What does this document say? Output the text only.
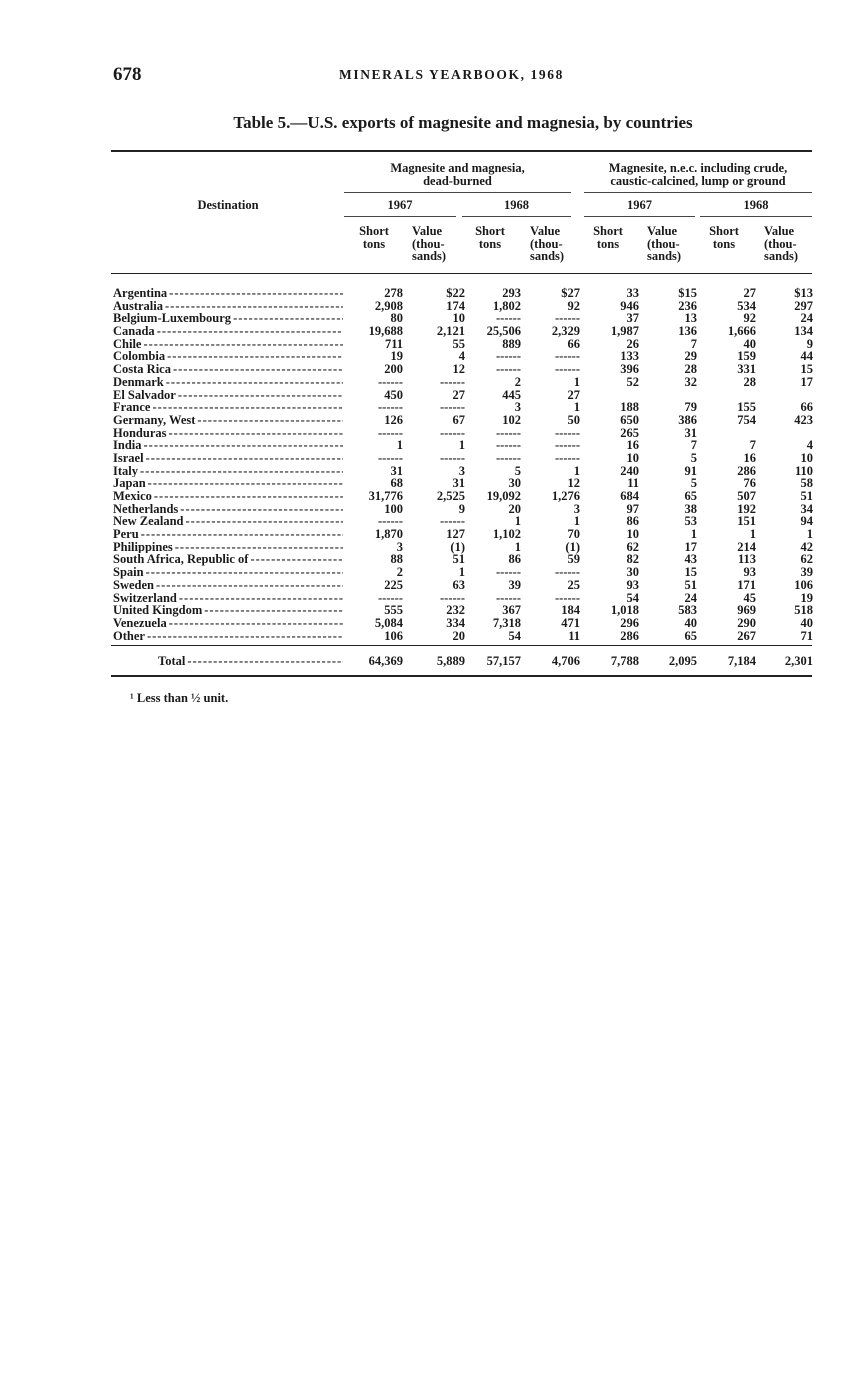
678	MINERALS YEARBOOK, 1968
Table 5.—U.S. exports of magnesite and magnesia, by countries
Destination
Magnesite and magnesia,
dead-burned
Magnesite, n.e.c. including crude,
caustic-calcined, lump or ground
1967	1968	1967	1968
Short
tons
Value
(thou-
sands)
Short
tons
Value
(thou-
sands)
Short
tons
Value
(thou-
sands)
Short
tons
Value
(thou-
sands)
Argentina -----	278	$22	293	$27	33	$15	27	$13
Australia -----	2,908	174 1,802	92	946	236	534	297
Belgium-Luxembourg -----	80	10 ------	------	37	13	92	24
Canada -----	19,688	2,121 25,506 2,329 1,987	136 1,666	134
Chile -----	711	55	889	66	26	7	40	9
Colombia -----	19	4 ------	------	133	29	159	44
Costa Rica -----	200	12 ------	------	396	28	331	15
Denmark -----	------	------	2	1	52	32	28	17
El Salvador -----	450	27	445	27
France -----	------	------	3	1	188	79	155	66
Germany, West -----	126	67	102	50	650	386	754	423
Honduras -----	------	------ ------	------	265	31
India -----	1	1 ------	------	16	7	7	4
Israel -----	------	------ ------	------	10	5	16	10
Italy -----	31	3	5	1	240	91	286	110
Japan -----	68	31	30	12	11	5	76	58
Mexico -----	31,776	2,525 19,092 1,276	684	65	507	51
Netherlands -----	100	9	20	3	97	38	192	34
New Zealand -----	------	------	1	1	86	53	151	94
Peru -----	1,870	127 1,102	70	10	1	1	1
Philippines -----	3	(1)	1	(1)	62	17	214	42
South Africa, Republic of -----	88	51	86	59	82	43	113	62
Spain -----	2	1 ------	------	30	15	93	39
Sweden -----	225	63	39	25	93	51	171	106
Switzerland -----	------	------ ------	------	54	24	45	19
United Kingdom -----	555	232	367	184 1,018	583	969	518
Venezuela -----	5,084	334 7,318	471	296	40	290	40
Other -----	106	20	54	11	286	65	267	71
Total -----	64,369	5,889 57,157 4,706 7,788 2,095 7,184 2,301
¹ Less than ½ unit.
